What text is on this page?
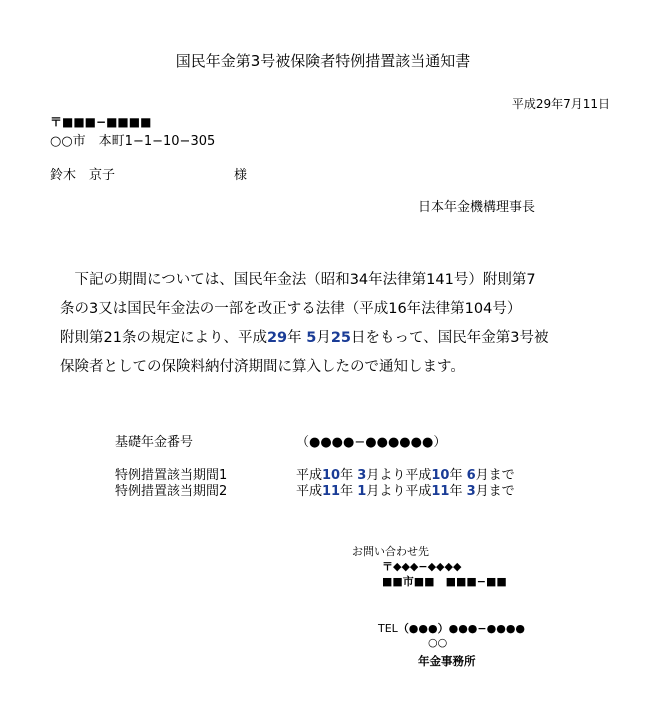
国民年金第3号被保険者特例措置該当通知書
平成29年7月11日
〒■■■−■■■■
○○市　本町1−1−10−305
鈴木　京子	様
日本年金機構理事長

　下記の期間については、国民年金法（昭和34年法律第141号）附則第7

条の3又は国民年金法の一部を改正する法律（平成16年法律第104号）

附則第21条の規定により、平成29年 5月25日をもって、国民年金第3号被

保険者としての保険料納付済期間に算入したので通知します。

基礎年金番号	（●●●●−●●●●●●）
特例措置該当期間1	平成10年 3月より平成10年 6月まで
特例措置該当期間2	平成11年 1月より平成11年 3月まで
お問い合わせ先
〒◆◆◆−◆◆◆◆
■■市■■　■■■−■■
TEL（●●●）●●●−●●●●
○○
年金事務所
